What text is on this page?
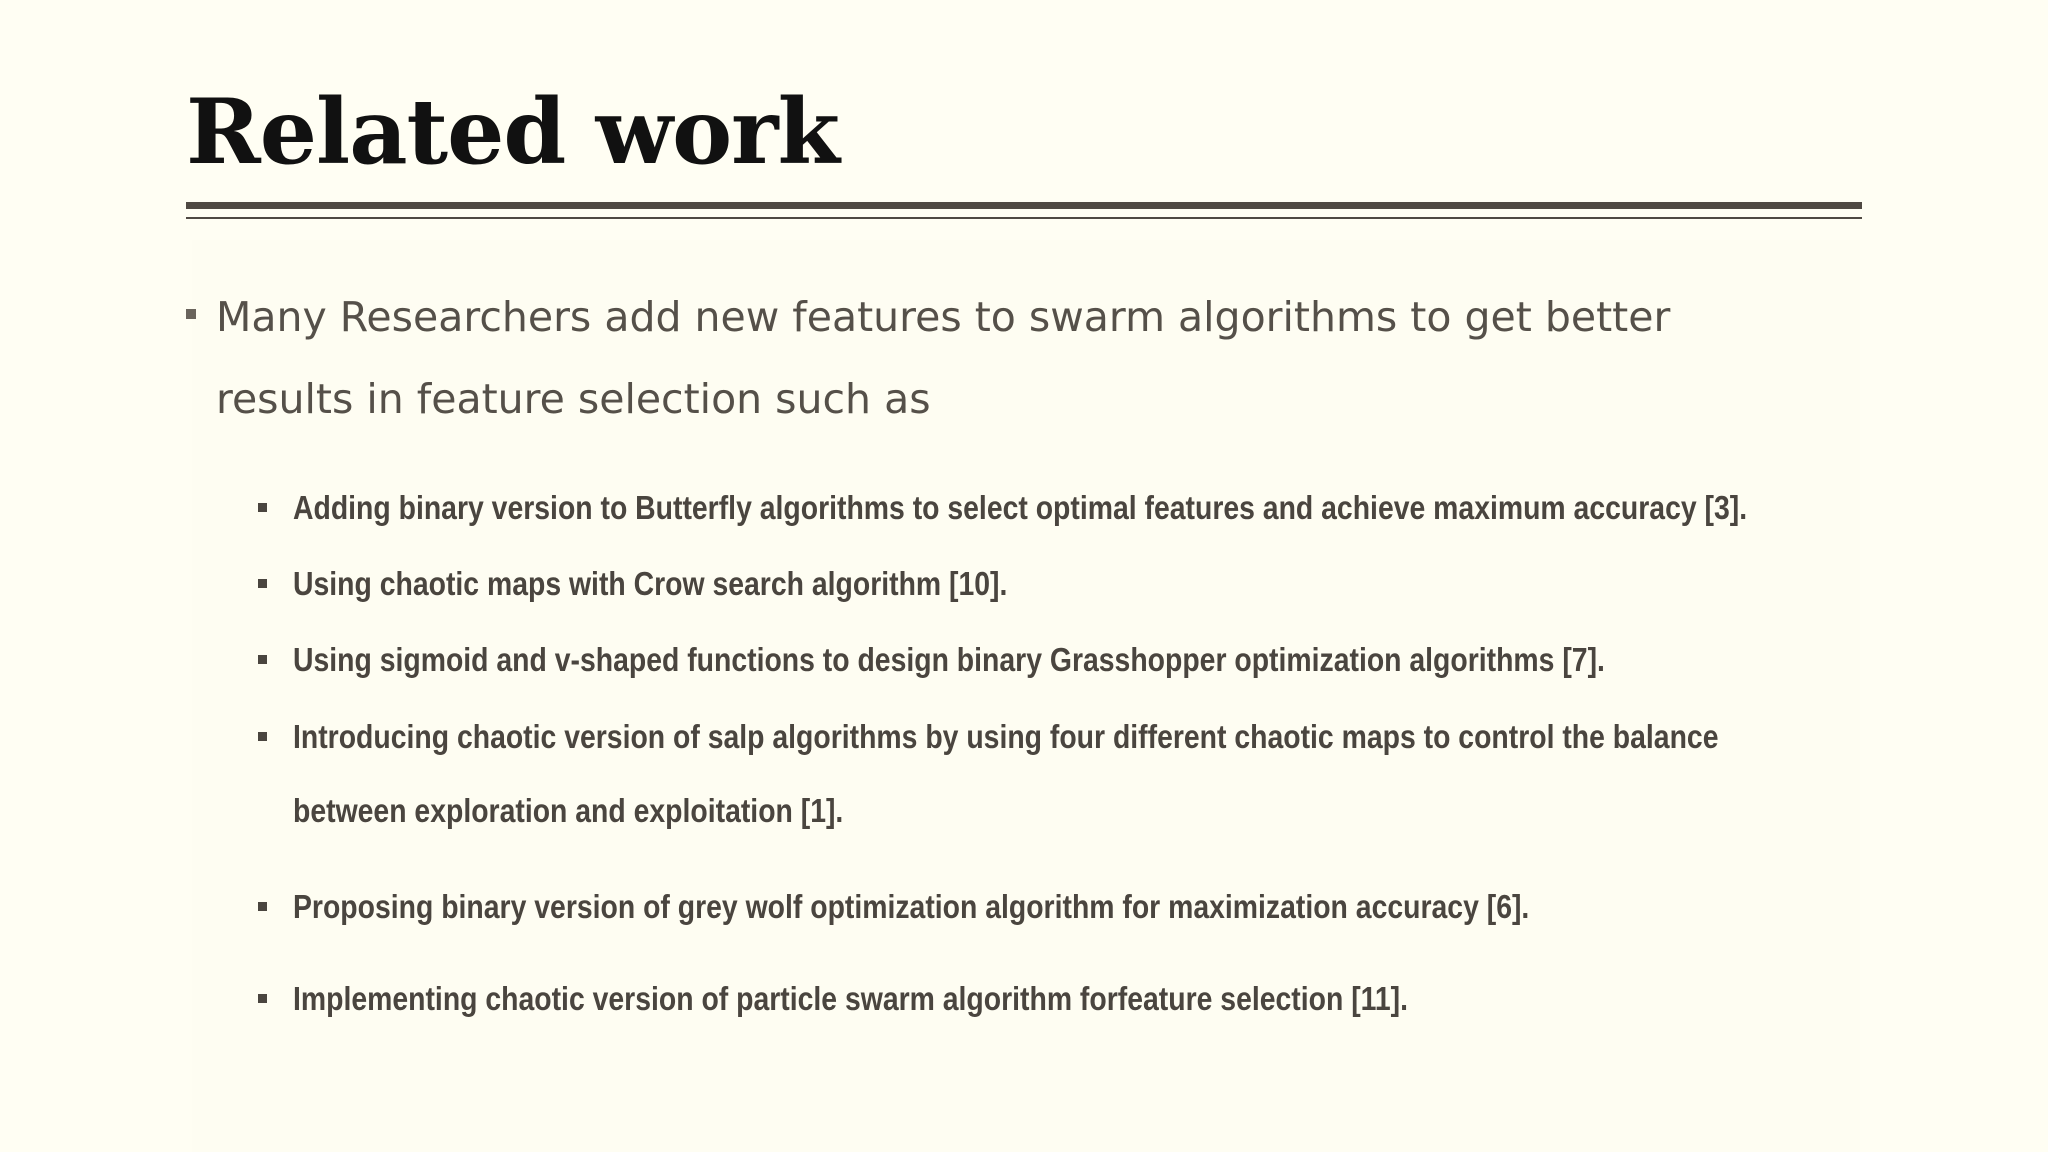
Related work

Many Researchers add new features to swarm algorithms to get better results in feature selection such as

Adding binary version to Butterfly algorithms to select optimal features and achieve maximum accuracy [3].

Using chaotic maps with Crow search algorithm [10].

Using sigmoid and v-shaped functions to design binary Grasshopper optimization algorithms [7].

Introducing chaotic version of salp algorithms by using four different chaotic maps to control the balance

between exploration and exploitation [1].

Proposing binary version of grey wolf optimization algorithm for maximization accuracy [6].

Implementing chaotic version of particle swarm algorithm forfeature selection [11].
